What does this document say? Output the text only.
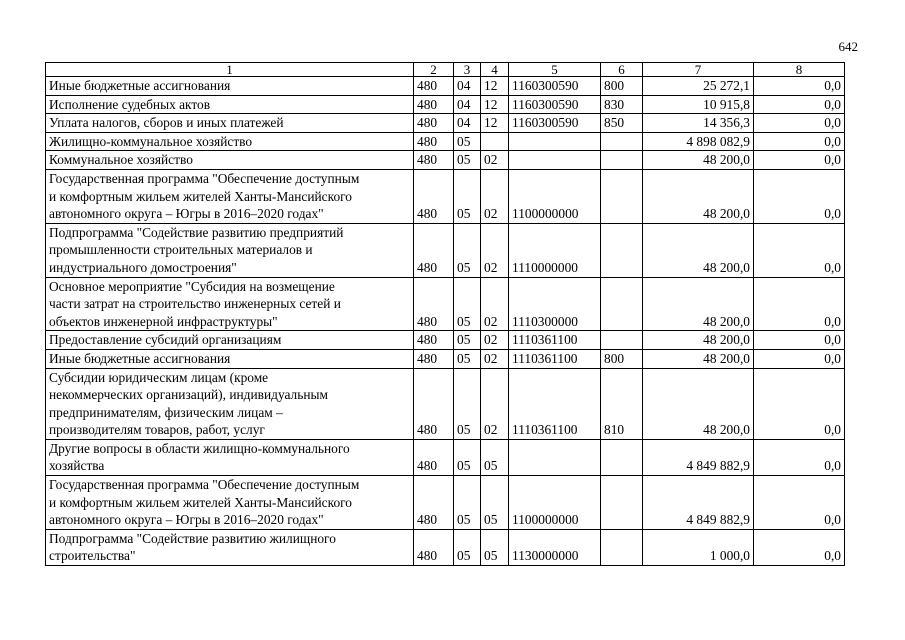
642
1	2	3	4	5	6	7	8
Иные бюджетные ассигнования	480	04	12	1160300590	800	25 272,1	0,0
Исполнение судебных актов	480	04	12	1160300590	830	10 915,8	0,0
Уплата налогов, сборов и иных платежей	480	04	12	1160300590	850	14 356,3	0,0
Жилищно-коммунальное хозяйство	480	05				4 898 082,9	0,0
Коммунальное хозяйство	480	05	02			48 200,0	0,0
Государственная программа "Обеспечение доступным
и комфортным жильем жителей Ханты-Мансийского
автономного округа – Югры в 2016–2020 годах"	480	05	02	1100000000		48 200,0	0,0
Подпрограмма "Содействие развитию предприятий
промышленности строительных материалов и
индустриального домостроения"	480	05	02	1110000000		48 200,0	0,0
Основное мероприятие "Субсидия на возмещение
части затрат на строительство инженерных сетей и
объектов инженерной инфраструктуры"	480	05	02	1110300000		48 200,0	0,0
Предоставление субсидий организациям	480	05	02	1110361100		48 200,0	0,0
Иные бюджетные ассигнования	480	05	02	1110361100	800	48 200,0	0,0
Субсидии юридическим лицам (кроме
некоммерческих организаций), индивидуальным
предпринимателям, физическим лицам –
производителям товаров, работ, услуг	480	05	02	1110361100	810	48 200,0	0,0
Другие вопросы в области жилищно-коммунального
хозяйства	480	05	05			4 849 882,9	0,0
Государственная программа "Обеспечение доступным
и комфортным жильем жителей Ханты-Мансийского
автономного округа – Югры в 2016–2020 годах"	480	05	05	1100000000		4 849 882,9	0,0
Подпрограмма "Содействие развитию жилищного
строительства"	480	05	05	1130000000		1 000,0	0,0
